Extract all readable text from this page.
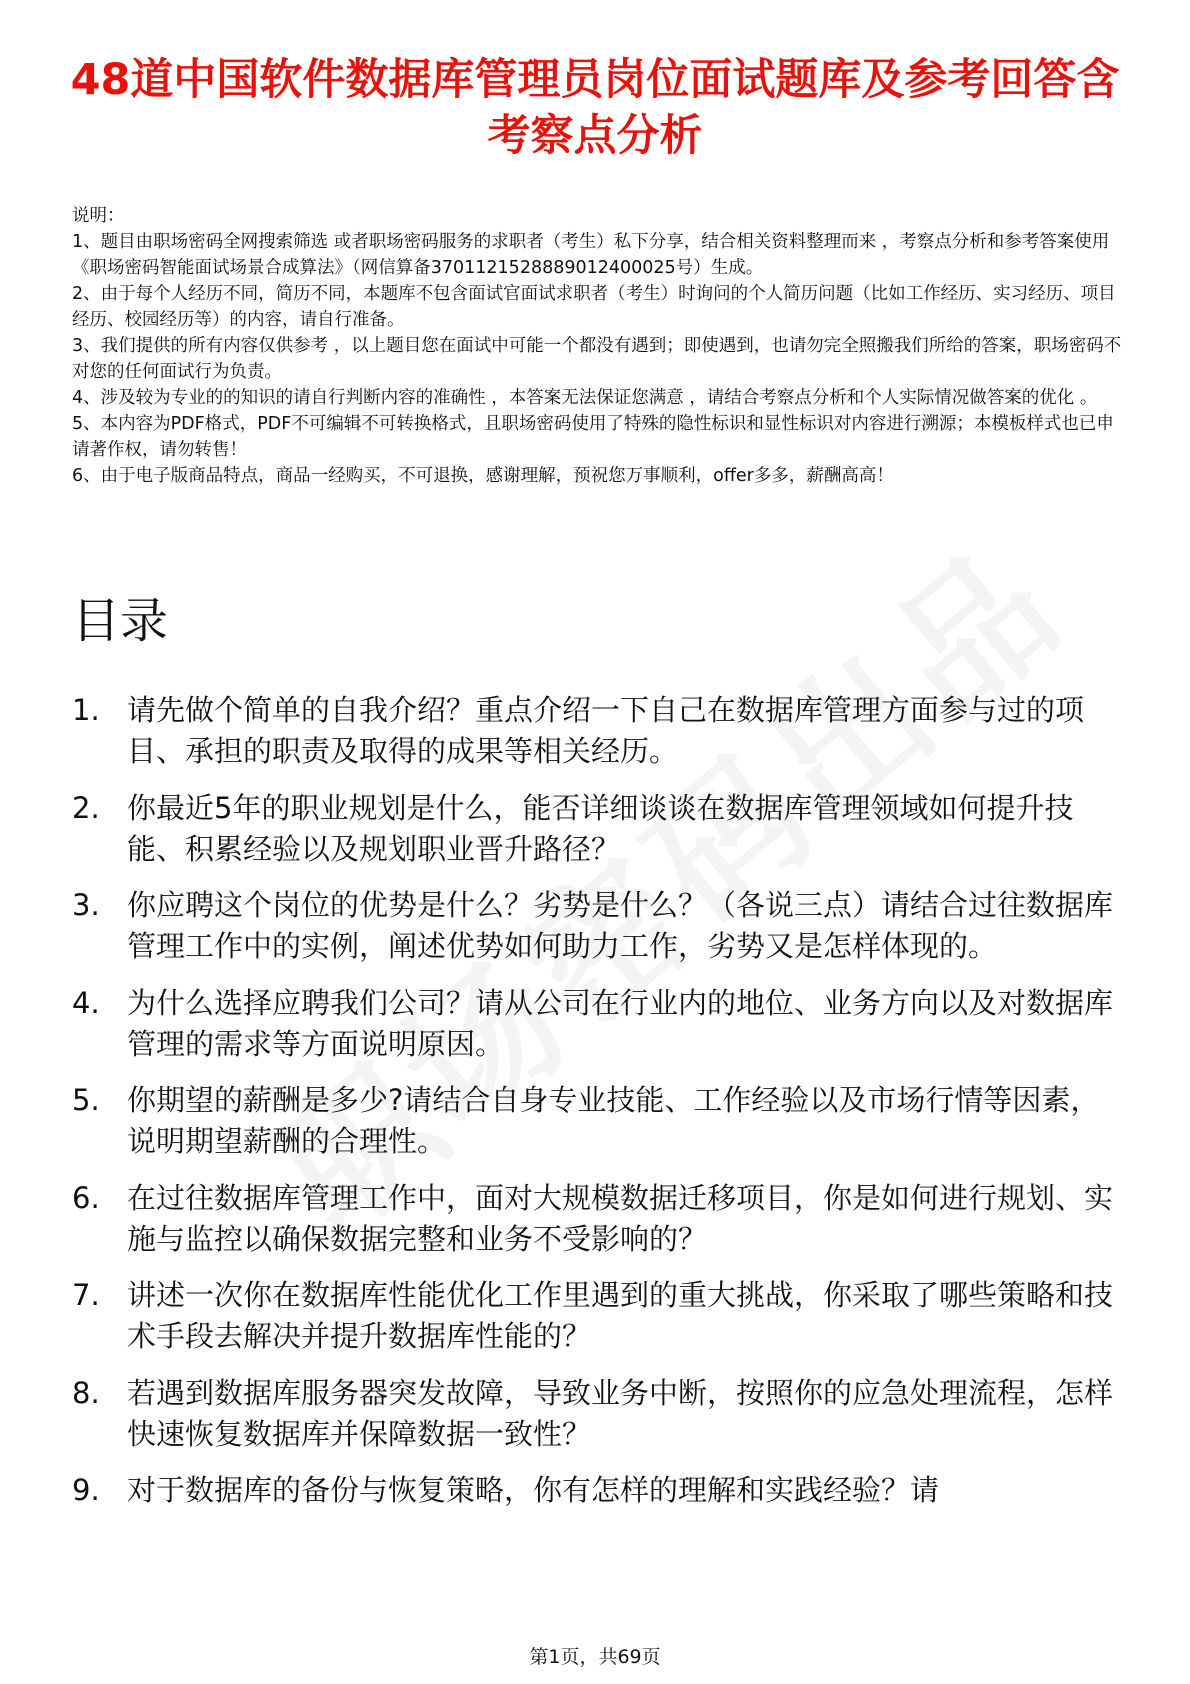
48道中国软件数据库管理员岗位面试题库及参考回答含考察点分析

说明：

1、题目由职场密码全网搜索筛选 或者职场密码服务的求职者（考生）私下分享，结合相关资料整理而来 ，考察点分析和参考答案使用《职场密码智能面试场景合成算法》（网信算备3701121528889012400025号）生成。

2、由于每个人经历不同，简历不同，本题库不包含面试官面试求职者（考生）时询问的个人简历问题（比如工作经历、实习经历、项目经历、校园经历等）的内容，请自行准备。

3、我们提供的所有内容仅供参考 ，以上题目您在面试中可能一个都没有遇到；即使遇到，也请勿完全照搬我们所给的答案，职场密码不对您的任何面试行为负责。

4、涉及较为专业的的知识的请自行判断内容的准确性 ，本答案无法保证您满意 ，请结合考察点分析和个人实际情况做答案的优化 。

5、本内容为PDF格式，PDF不可编辑不可转换格式，且职场密码使用了特殊的隐性标识和显性标识对内容进行溯源；本模板样式也已申请著作权，请勿转售！

6、由于电子版商品特点，商品一经购买，不可退换，感谢理解，预祝您万事顺利，offer多多，薪酬高高！

目录
1. 请先做个简单的自我介绍？重点介绍一下自己在数据库管理方面参与过的项目、承担的职责及取得的成果等相关经历。
2. 你最近5年的职业规划是什么，能否详细谈谈在数据库管理领域如何提升技能、积累经验以及规划职业晋升路径？
3. 你应聘这个岗位的优势是什么？劣势是什么？（各说三点）请结合过往数据库管理工作中的实例，阐述优势如何助力工作，劣势又是怎样体现的。
4. 为什么选择应聘我们公司？请从公司在行业内的地位、业务方向以及对数据库管理的需求等方面说明原因。
5. 你期望的薪酬是多少?请结合自身专业技能、工作经验以及市场行情等因素，说明期望薪酬的合理性。
6. 在过往数据库管理工作中，面对大规模数据迁移项目，你是如何进行规划、实施与监控以确保数据完整和业务不受影响的？
7. 讲述一次你在数据库性能优化工作里遇到的重大挑战，你采取了哪些策略和技术手段去解决并提升数据库性能的？
8. 若遇到数据库服务器突发故障，导致业务中断，按照你的应急处理流程，怎样快速恢复数据库并保障数据一致性？
9. 对于数据库的备份与恢复策略，你有怎样的理解和实践经验？请
第1页，共69页
